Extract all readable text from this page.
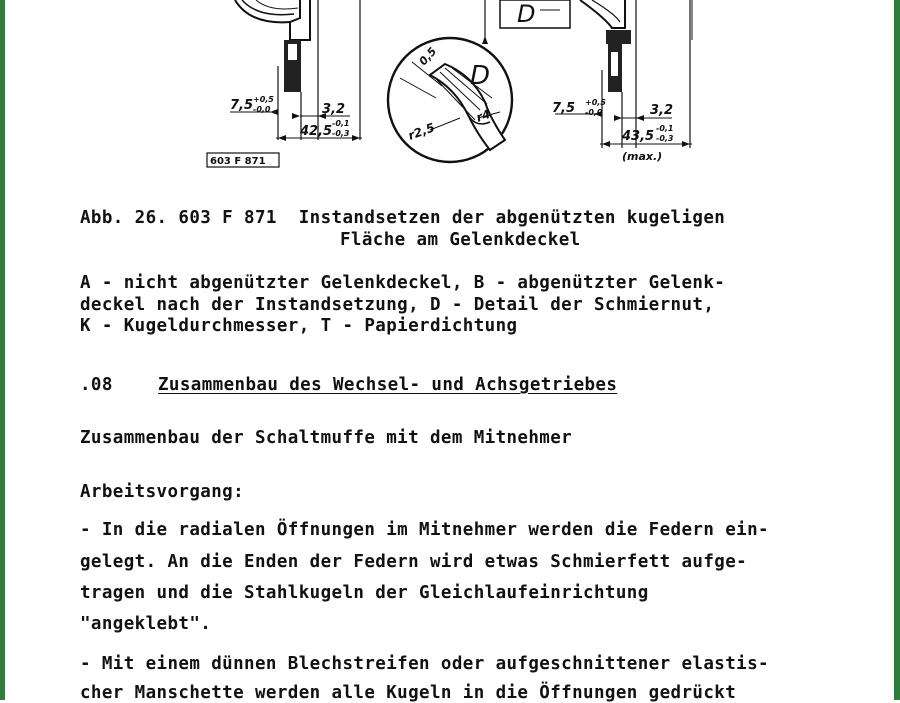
7,5 +0,5
-0,0	3,2
42,5
-0,1
-0,3
603 F 871
D
0,5
r2,5
r4
D
7,5 +0,5
-0,0	3,2
43,5
-0,1
-0,3
(max.)
Abb. 26. 603 F 871  Instandsetzen der abgenützten kugeligen
Fläche am Gelenkdeckel
A - nicht abgenützter Gelenkdeckel, B - abgenützter Gelenk-
deckel nach der Instandsetzung, D - Detail der Schmiernut,
K - Kugeldurchmesser, T - Papierdichtung
.08	Zusammenbau des Wechsel- und Achsgetriebes
Zusammenbau der Schaltmuffe mit dem Mitnehmer
Arbeitsvorgang:
- In die radialen Öffnungen im Mitnehmer werden die Federn ein-
gelegt. An die Enden der Federn wird etwas Schmierfett aufge-
tragen und die Stahlkugeln der Gleichlaufeinrichtung
"angeklebt".
- Mit einem dünnen Blechstreifen oder aufgeschnittener elastis-
cher Manschette werden alle Kugeln in die Öffnungen gedrückt
